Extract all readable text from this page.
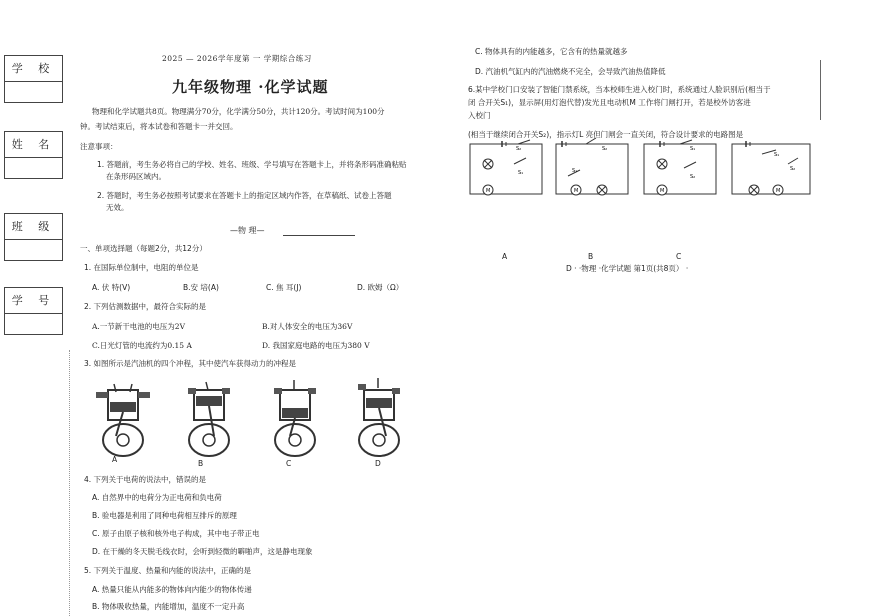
学 校
姓 名
班 级
学 号
2025 — 2026学年度第 一 学期综合练习
九年级物理 ·化学试题
物理和化学试题共8页。物理满分70分，化学满分50分，共计120分。考试时间为100分
钟。考试结束后，将本试卷和答题卡一并交回。
注意事项：
1. 答题前，考生务必将自己的学校、姓名、班级、学号填写在答题卡上，并将条形码准确粘贴
在条形码区域内。
2. 答题时，考生务必按照考试要求在答题卡上的指定区域内作答，在草稿纸、试卷上答题
无效。
—物 理—
一、单项选择题（每题2分，共12分）
1. 在国际单位制中，电阻的单位是
A. 伏 特(V)	B.安 培(A)	C. 焦 耳(J)	D. 欧姆（Ω）
2. 下列估测数据中，最符合实际的是
A.一节新干电池的电压为2V	B.对人体安全的电压为36V
C.日光灯管的电流约为0.15 A	D. 我国家庭电路的电压为380 V
3. 如图所示是汽油机的四个冲程，其中使汽车获得动力的冲程是
A	B	C	D
4. 下列关于电荷的说法中，错误的是
A. 自然界中的电荷分为正电荷和负电荷
B. 验电器是利用了同种电荷相互排斥的原理
C. 原子由原子核和核外电子构成，其中电子带正电
D. 在干燥的冬天脱毛线衣时，会听到轻微的噼啪声，这是静电现象
5. 下列关于温度、热量和内能的说法中，正确的是
A. 热量只能从内能多的物体向内能少的物体传递
B. 物体吸收热量，内能增加，温度不一定升高
C. 物体具有的内能越多，它含有的热量就越多
D. 汽油机气缸内的汽油燃烧不完全，会导致汽油热值降低
6.某中学校门口安装了智能门禁系统，当本校师生进入校门时，系统通过人脸识别后(相当于
闭 合开关S₁)，显示屏(用灯泡代替)发光且电动机M 工作将门闸打开，若是校外访客进
入校门
(相当于继续闭合开关S₂)，指示灯L 亮但门闸会一直关闭，符合设计要求的电路图是
S₂
S₁
M
S₂
S₁
M
S₁
S₂
M
S₁
S₂
M
A	B	C
D · ·物理 ·化学试题 第1页(共8页） ·
